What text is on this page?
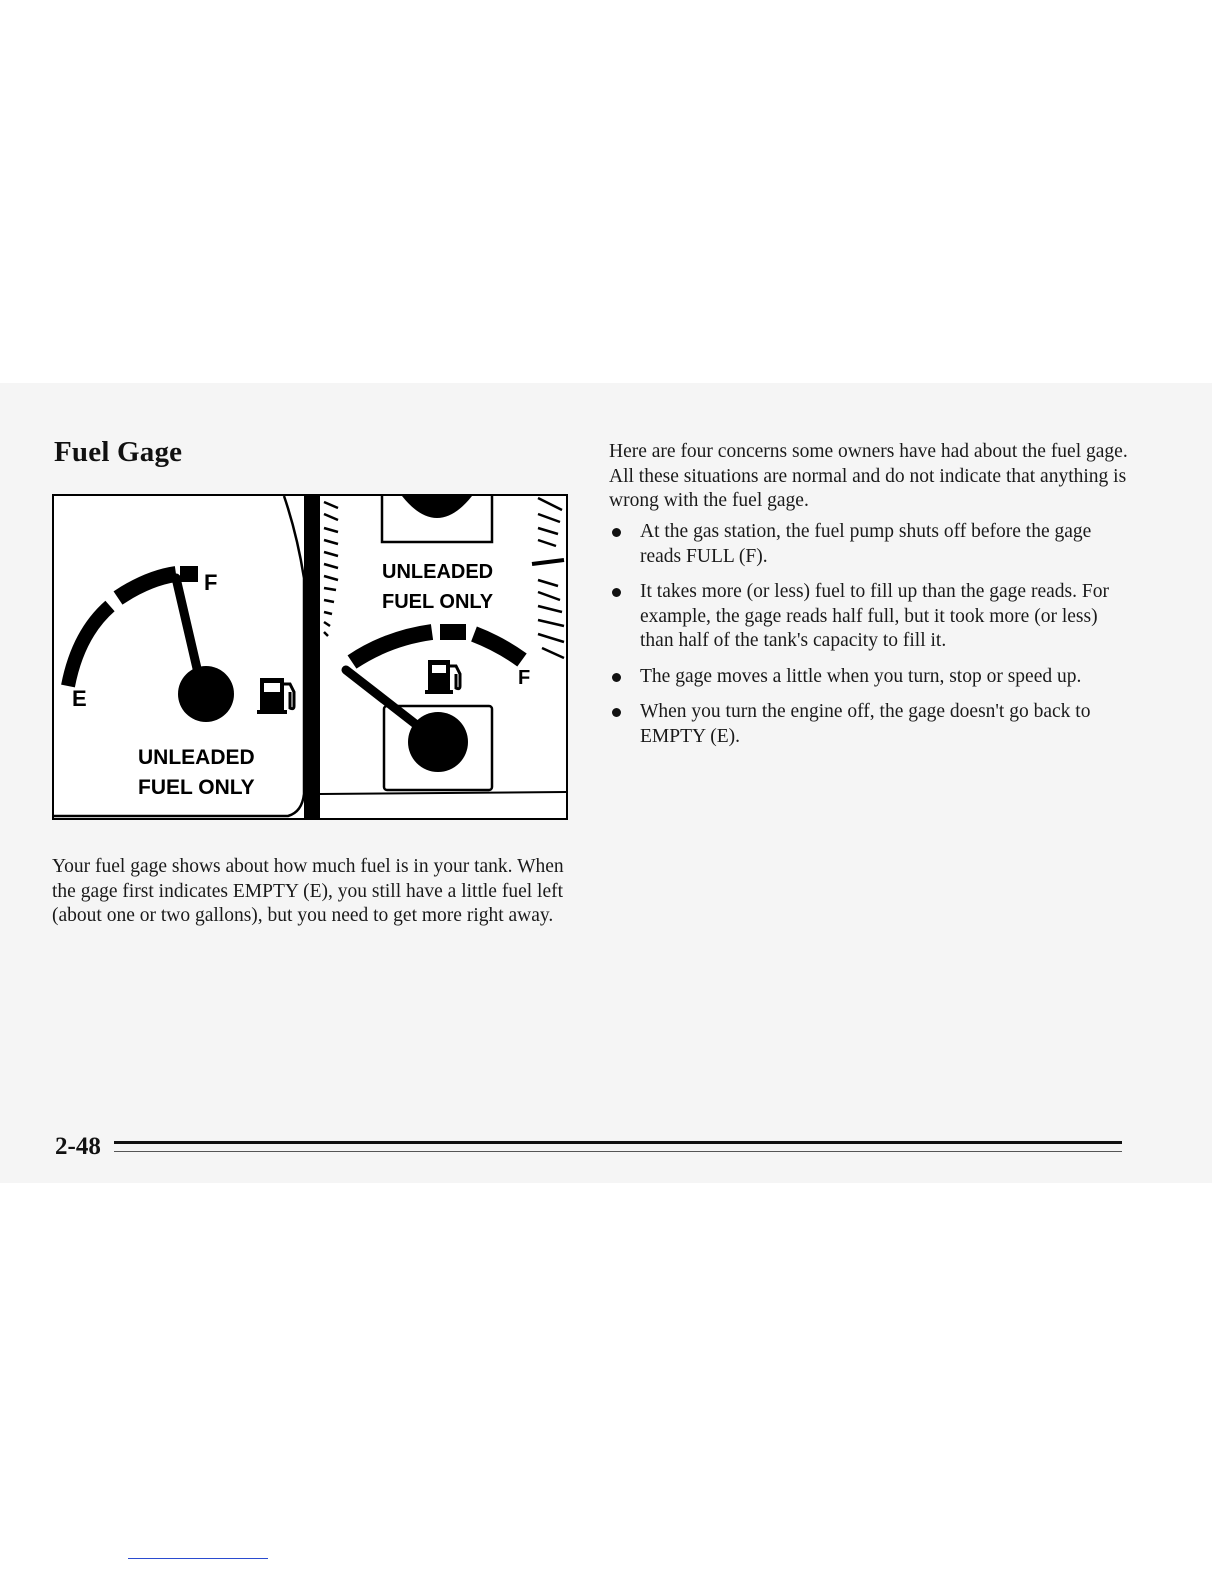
Fuel Gage
E
F
UNLEADED
FUEL ONLY
UNLEADED
FUEL ONLY
F

Your fuel gage shows about how much fuel is in your tank. When the gage first indicates EMPTY (E), you still have a little fuel left (about one or two gallons), but you need to get more right away.

Here are four concerns some owners have had about the fuel gage. All these situations are normal and do not indicate that anything is wrong with the fuel gage.

At the gas station, the fuel pump shuts off before the gage reads FULL (F).
It takes more (or less) fuel to fill up than the gage reads. For example, the gage reads half full, but it took more (or less) than half of the tank's capacity to fill it.
The gage moves a little when you turn, stop or speed up.
When you turn the engine off, the gage doesn't go back to EMPTY (E).
2-48
